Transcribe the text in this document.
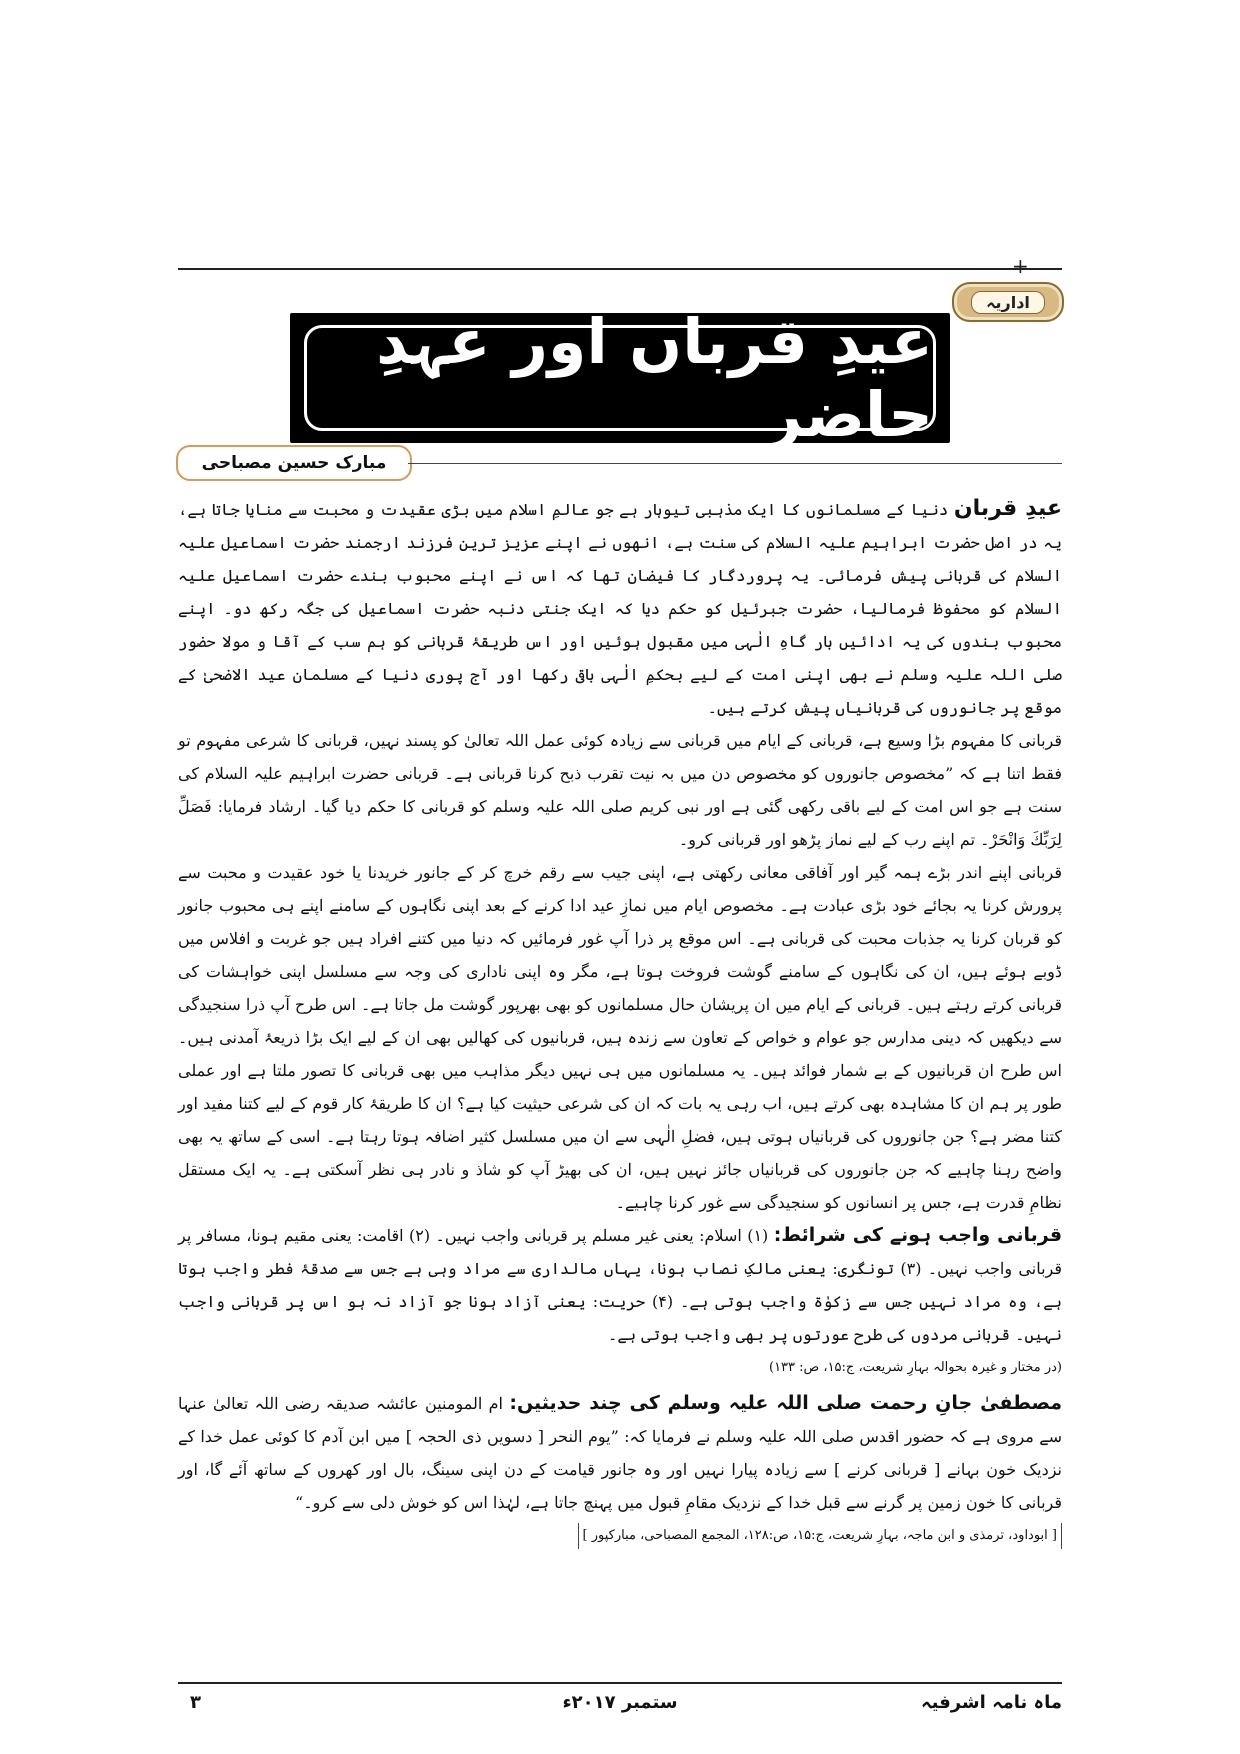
+
اداریہ
عیدِ قرباں اور عہدِ حاضر
مبارک حسین مصباحی

عیدِ قربان دنیا کے مسلمانوں کا ایک مذہبی تیوہار ہے جو عالمِ اسلام میں بڑی عقیدت و محبت سے منایا جاتا ہے، یہ در اصل حضرت ابراہیم علیہ السلام کی سنت ہے، انھوں نے اپنے عزیز ترین فرزند ارجمند حضرت اسماعیل علیہ السلام کی قربانی پیش فرمائی۔ یہ پروردگار کا فیضان تھا کہ اس نے اپنے محبوب بندے حضرت اسماعیل علیہ السلام کو محفوظ فرمالیا، حضرت جبرئیل کو حکم دیا کہ ایک جنتی دنبہ حضرت اسماعیل کی جگہ رکھ دو۔ اپنے محبوب بندوں کی یہ ادائیں بار گاہِ الٰہی میں مقبول ہوئیں اور اس طریقۂ قربانی کو ہم سب کے آقا و مولا حضور صلی اللہ علیہ وسلم نے بھی اپنی امت کے لیے بحکمِ الٰہی باقی رکھا اور آج پوری دنیا کے مسلمان عید الاضحیٰ کے موقع پر جانوروں کی قربانیاں پیش کرتے ہیں۔

قربانی کا مفہوم بڑا وسیع ہے، قربانی کے ایام میں قربانی سے زیادہ کوئی عمل اللہ تعالیٰ کو پسند نہیں، قربانی کا شرعی مفہوم تو فقط اتنا ہے کہ ”مخصوص جانوروں کو مخصوص دن میں بہ نیت تقرب ذبح کرنا قربانی ہے۔ قربانی حضرت ابراہیم علیہ السلام کی سنت ہے جو اس امت کے لیے باقی رکھی گئی ہے اور نبی کریم صلی اللہ علیہ وسلم کو قربانی کا حکم دیا گیا۔ ارشاد فرمایا: فَصَلِّ لِرَبِّكَ وَانْحَرْ۔ تم اپنے رب کے لیے نماز پڑھو اور قربانی کرو۔

قربانی اپنے اندر بڑے ہمہ گیر اور آفاقی معانی رکھتی ہے، اپنی جیب سے رقم خرچ کر کے جانور خریدنا یا خود عقیدت و محبت سے پرورش کرنا یہ بجائے خود بڑی عبادت ہے۔ مخصوص ایام میں نمازِ عید ادا کرنے کے بعد اپنی نگاہوں کے سامنے اپنے ہی محبوب جانور کو قربان کرنا یہ جذبات محبت کی قربانی ہے۔ اس موقع پر ذرا آپ غور فرمائیں کہ دنیا میں کتنے افراد ہیں جو غربت و افلاس میں ڈوبے ہوئے ہیں، ان کی نگاہوں کے سامنے گوشت فروخت ہوتا ہے، مگر وہ اپنی ناداری کی وجہ سے مسلسل اپنی خواہشات کی قربانی کرتے رہتے ہیں۔ قربانی کے ایام میں ان پریشان حال مسلمانوں کو بھی بھرپور گوشت مل جاتا ہے۔ اس طرح آپ ذرا سنجیدگی سے دیکھیں کہ دینی مدارس جو عوام و خواص کے تعاون سے زندہ ہیں، قربانیوں کی کھالیں بھی ان کے لیے ایک بڑا ذریعۂ آمدنی ہیں۔ اس طرح ان قربانیوں کے بے شمار فوائد ہیں۔ یہ مسلمانوں میں ہی نہیں دیگر مذاہب میں بھی قربانی کا تصور ملتا ہے اور عملی طور پر ہم ان کا مشاہدہ بھی کرتے ہیں، اب رہی یہ بات کہ ان کی شرعی حیثیت کیا ہے؟ ان کا طریقۂ کار قوم کے لیے کتنا مفید اور کتنا مضر ہے؟ جن جانوروں کی قربانیاں ہوتی ہیں، فضلِ الٰہی سے ان میں مسلسل کثیر اضافہ ہوتا رہتا ہے۔ اسی کے ساتھ یہ بھی واضح رہنا چاہیے کہ جن جانوروں کی قربانیاں جائز نہیں ہیں، ان کی بھیڑ آپ کو شاذ و نادر ہی نظر آسکتی ہے۔ یہ ایک مستقل نظامِ قدرت ہے، جس پر انسانوں کو سنجیدگی سے غور کرنا چاہیے۔

قربانی واجب ہونے کی شرائط: (۱) اسلام: یعنی غیر مسلم پر قربانی واجب نہیں۔ (۲) اقامت: یعنی مقیم ہونا، مسافر پر قربانی واجب نہیں۔ (۳) تونگری: یعنی مالکِ نصاب ہونا، یہاں مالداری سے مراد وہی ہے جس سے صدقۂ فطر واجب ہوتا ہے، وہ مراد نہیں جس سے زکوٰۃ واجب ہوتی ہے۔ (۴) حریت: یعنی آزاد ہونا جو آزاد نہ ہو اس پر قربانی واجب نہیں۔ قربانی مردوں کی طرح عورتوں پر بھی واجب ہوتی ہے۔

(در مختار و غیرہ بحوالہ بہارِ شریعت، ج:۱۵، ص: ۱۳۳)

مصطفیٰ جانِ رحمت صلی اللہ علیہ وسلم کی چند حدیثیں: ام المومنین عائشہ صدیقہ رضی اللہ تعالیٰ عنہا سے مروی ہے کہ حضور اقدس صلی اللہ علیہ وسلم نے فرمایا کہ: ”یوم النحر [ دسویں ذی الحجہ ] میں ابن آدم کا کوئی عمل خدا کے نزدیک خون بہانے [ قربانی کرنے ] سے زیادہ پیارا نہیں اور وہ جانور قیامت کے دن اپنی سینگ، بال اور کھروں کے ساتھ آئے گا، اور قربانی کا خون زمین پر گرنے سے قبل خدا کے نزدیک مقامِ قبول میں پہنچ جاتا ہے، لہٰذا اس کو خوش دلی سے کرو۔“

[ ابوداود، ترمذی و ابن ماجہ، بہارِ شریعت، ج:۱۵، ص:۱۲۸، المجمع المصباحی، مبارکپور ]

ماہ نامہ اشرفیہ
ستمبر ۲۰۱۷ء
۳
